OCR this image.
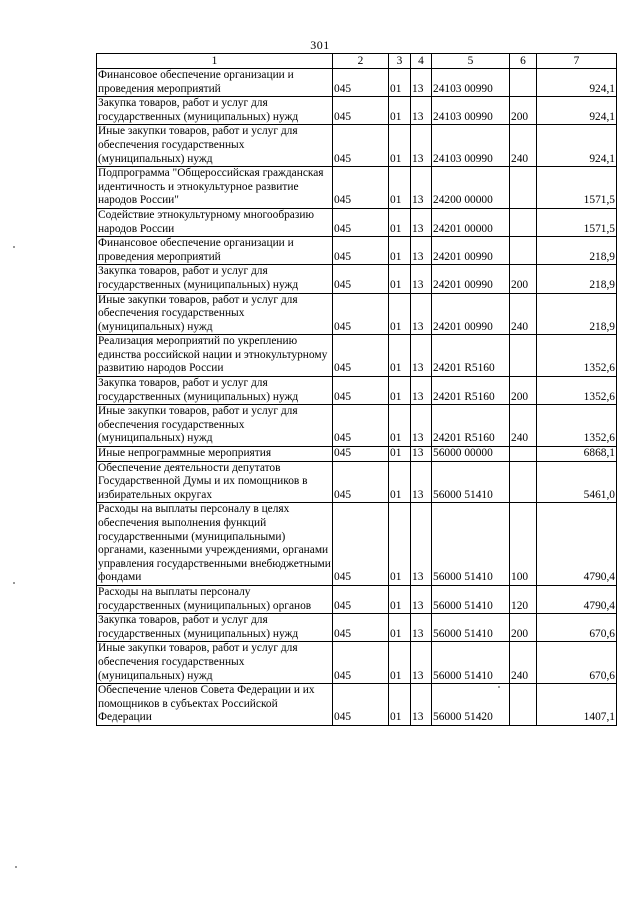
301
1	2	3	4	5	6	7
Финансовое обеспечение организации и проведения мероприятий	045	01	13	24103 00990		924,1
Закупка товаров, работ и услуг для государственных (муниципальных) нужд	045	01	13	24103 00990	200	924,1
Иные закупки товаров, работ и услуг для обеспечения государственных (муниципальных) нужд	045	01	13	24103 00990	240	924,1
Подпрограмма "Общероссийская гражданская идентичность и этнокультурное развитие народов России"	045	01	13	24200 00000		1571,5
Содействие этнокультурному многообразию народов России	045	01	13	24201 00000		1571,5
Финансовое обеспечение организации и проведения мероприятий	045	01	13	24201 00990		218,9
Закупка товаров, работ и услуг для государственных (муниципальных) нужд	045	01	13	24201 00990	200	218,9
Иные закупки товаров, работ и услуг для обеспечения государственных (муниципальных) нужд	045	01	13	24201 00990	240	218,9
Реализация мероприятий по укреплению единства российской нации и этнокультурному развитию народов России	045	01	13	24201 R5160		1352,6
Закупка товаров, работ и услуг для государственных (муниципальных) нужд	045	01	13	24201 R5160	200	1352,6
Иные закупки товаров, работ и услуг для обеспечения государственных (муниципальных) нужд	045	01	13	24201 R5160	240	1352,6
Иные непрограммные мероприятия	045	01	13	56000 00000		6868,1
Обеспечение деятельности депутатов Государственной Думы и их помощников в избирательных округах	045	01	13	56000 51410		5461,0
Расходы на выплаты персоналу в целях обеспечения выполнения функций государственными (муниципальными) органами, казенными учреждениями, органами управления государственными внебюджетными фондами	045	01	13	56000 51410	100	4790,4
Расходы на выплаты персоналу государственных (муниципальных) органов	045	01	13	56000 51410	120	4790,4
Закупка товаров, работ и услуг для государственных (муниципальных) нужд	045	01	13	56000 51410	200	670,6
Иные закупки товаров, работ и услуг для обеспечения государственных (муниципальных) нужд	045	01	13	56000 51410	240	670,6
Обеспечение членов Совета Федерации и их помощников в субъектах Российской Федерации	045	01	13	56000 51420		1407,1
